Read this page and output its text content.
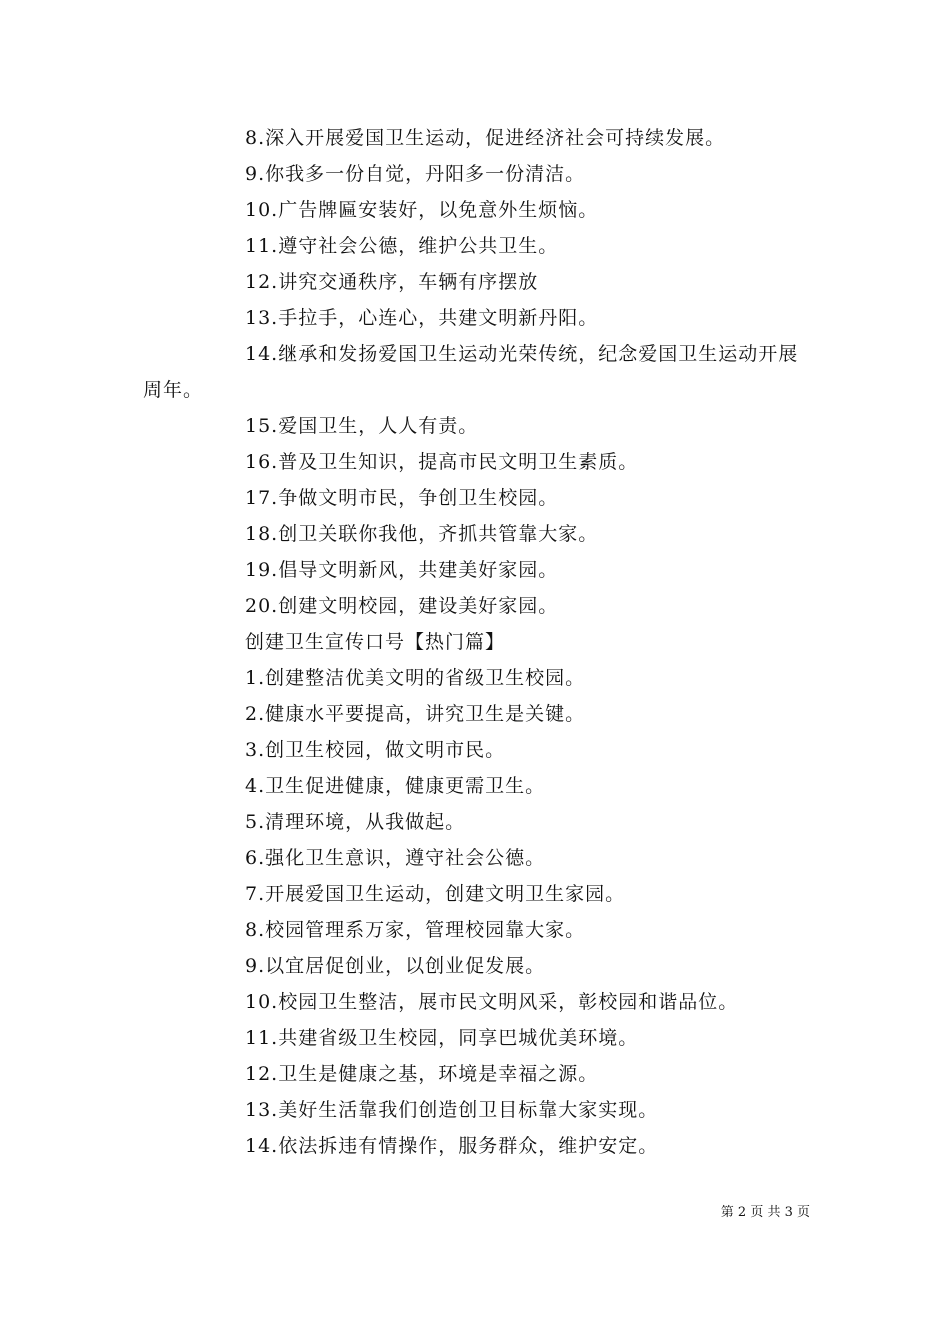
8.深入开展爱国卫生运动，促进经济社会可持续发展。
9.你我多一份自觉，丹阳多一份清洁。
10.广告牌匾安装好，以免意外生烦恼。
11.遵守社会公德，维护公共卫生。
12.讲究交通秩序，车辆有序摆放
13.手拉手，心连心，共建文明新丹阳。
14.继承和发扬爱国卫生运动光荣传统，纪念爱国卫生运动开展周年。
15.爱国卫生，人人有责。
16.普及卫生知识，提高市民文明卫生素质。
17.争做文明市民，争创卫生校园。
18.创卫关联你我他，齐抓共管靠大家。
19.倡导文明新风，共建美好家园。
20.创建文明校园，建设美好家园。
创建卫生宣传口号【热门篇】
1.创建整洁优美文明的省级卫生校园。
2.健康水平要提高，讲究卫生是关键。
3.创卫生校园，做文明市民。
4.卫生促进健康，健康更需卫生。
5.清理环境，从我做起。
6.强化卫生意识，遵守社会公德。
7.开展爱国卫生运动，创建文明卫生家园。
8.校园管理系万家，管理校园靠大家。
9.以宜居促创业，以创业促发展。
10.校园卫生整洁，展市民文明风采，彰校园和谐品位。
11.共建省级卫生校园，同享巴城优美环境。
12.卫生是健康之基，环境是幸福之源。
13.美好生活靠我们创造创卫目标靠大家实现。
14.依法拆违有情操作，服务群众，维护安定。
第 2 页 共 3 页
